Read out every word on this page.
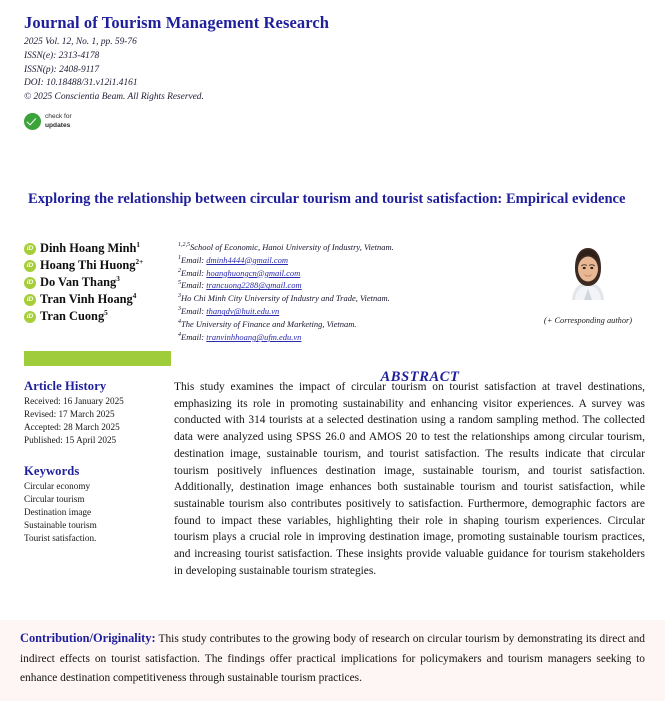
Journal of Tourism Management Research
2025 Vol. 12, No. 1, pp. 59-76
ISSN(e): 2313-4178
ISSN(p): 2408-9117
DOI: 10.18488/31.v12i1.4161
© 2025 Conscientia Beam. All Rights Reserved.
check for
updates
Exploring the relationship between circular tourism and tourist satisfaction: Empirical evidence
iD
Dinh Hoang Minh$^1$
iD
Hoang Thi Huong$^{2+}$
iD
Do Van Thang$^3$
iD
Tran Vinh Hoang$^4$
iD
Tran Cuong$^5$
$^{1,2,5}$School of Economic, Hanoi University of Industry, Vietnam.
$^1$Email: dminh4444@gmail.com
$^2$Email: hoanghuongcn@gmail.com
$^5$Email: trancuong2288@gmail.com
$^3$Ho Chi Minh City University of Industry and Trade, Vietnam.
$^3$Email: thangdv@huit.edu.vn
$^4$The University of Finance and Marketing, Vietnam.
$^4$Email: tranvinhhoang@ufm.edu.vn
(+ Corresponding author)
ABSTRACT
Article History
Received: 16 January 2025
Revised: 17 March 2025
Accepted: 28 March 2025
Published: 15 April 2025
Keywords
Circular economy
Circular tourism
Destination image
Sustainable tourism
Tourist satisfaction.

This study examines the impact of circular tourism on tourist satisfaction at travel destinations, emphasizing its role in promoting sustainability and enhancing visitor experiences. A survey was conducted with 314 tourists at a selected destination using a random sampling method. The collected data were analyzed using SPSS 26.0 and AMOS 20 to test the relationships among circular tourism, destination image, sustainable tourism, and tourist satisfaction. The results indicate that circular tourism positively influences destination image, sustainable tourism, and tourist satisfaction. Additionally, destination image enhances both sustainable tourism and tourist satisfaction, while sustainable tourism also contributes positively to satisfaction. Furthermore, demographic factors are found to impact these variables, highlighting their role in shaping tourism experiences. Circular tourism plays a crucial role in improving destination image, promoting sustainable tourism practices, and increasing tourist satisfaction. These insights provide valuable guidance for tourism stakeholders in developing sustainable tourism strategies.

Contribution/Originality: This study contributes to the growing body of research on circular tourism by demonstrating its direct and indirect effects on tourist satisfaction. The findings offer practical implications for policymakers and tourism managers seeking to enhance destination competitiveness through sustainable tourism practices.
